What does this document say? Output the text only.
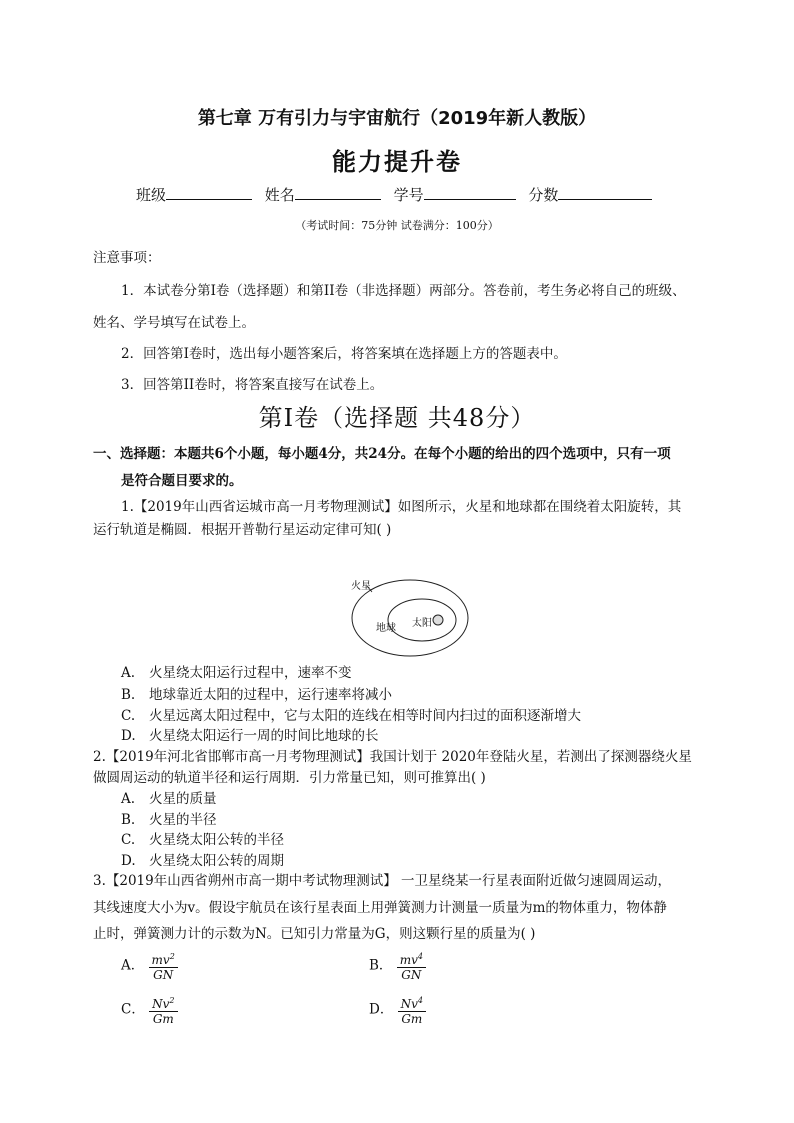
第七章 万有引力与宇宙航行（2019年新人教版）
能力提升卷
班级	姓名	学号	分数
（考试时间：75分钟 试卷满分：100分）
注意事项：
1．本试卷分第I卷（选择题）和第II卷（非选择题）两部分。答卷前，考生务必将自己的班级、
姓名、学号填写在试卷上。
2．回答第I卷时，选出每小题答案后，将答案填在选择题上方的答题表中。
3．回答第II卷时，将答案直接写在试卷上。
第I卷（选择题 共48分）
一、选择题：本题共6个小题，每小题4分，共24分。在每个小题的给出的四个选项中，只有一项
是符合题目要求的。
1.【2019年山西省运城市高一月考物理测试】如图所示，火星和地球都在围绕着太阳旋转，其
运行轨道是椭圆．根据开普勒行星运动定律可知( )
火星
地球 太阳
A. 火星绕太阳运行过程中，速率不变
B. 地球靠近太阳的过程中，运行速率将减小
C. 火星远离太阳过程中，它与太阳的连线在相等时间内扫过的面积逐渐增大
D. 火星绕太阳运行一周的时间比地球的长
2.【2019年河北省邯郸市高一月考物理测试】我国计划于 2020年登陆火星，若测出了探测器绕火星
做圆周运动的轨道半径和运行周期．引力常量已知，则可推算出( )
A. 火星的质量
B. 火星的半径
C. 火星绕太阳公转的半径
D. 火星绕太阳公转的周期
3.【2019年山西省朔州市高一期中考试物理测试】 一卫星绕某一行星表面附近做匀速圆周运动，
其线速度大小为v。假设宇航员在该行星表面上用弹簧测力计测量一质量为m的物体重力，物体静
止时，弹簧测力计的示数为N。已知引力常量为G，则这颗行星的质量为( )
A． $\frac{mv^2}{GN}$	B． $\frac{mv^4}{GN}$
C． $\frac{Nv^2}{Gm}$	D． $\frac{Nv^4}{Gm}$
